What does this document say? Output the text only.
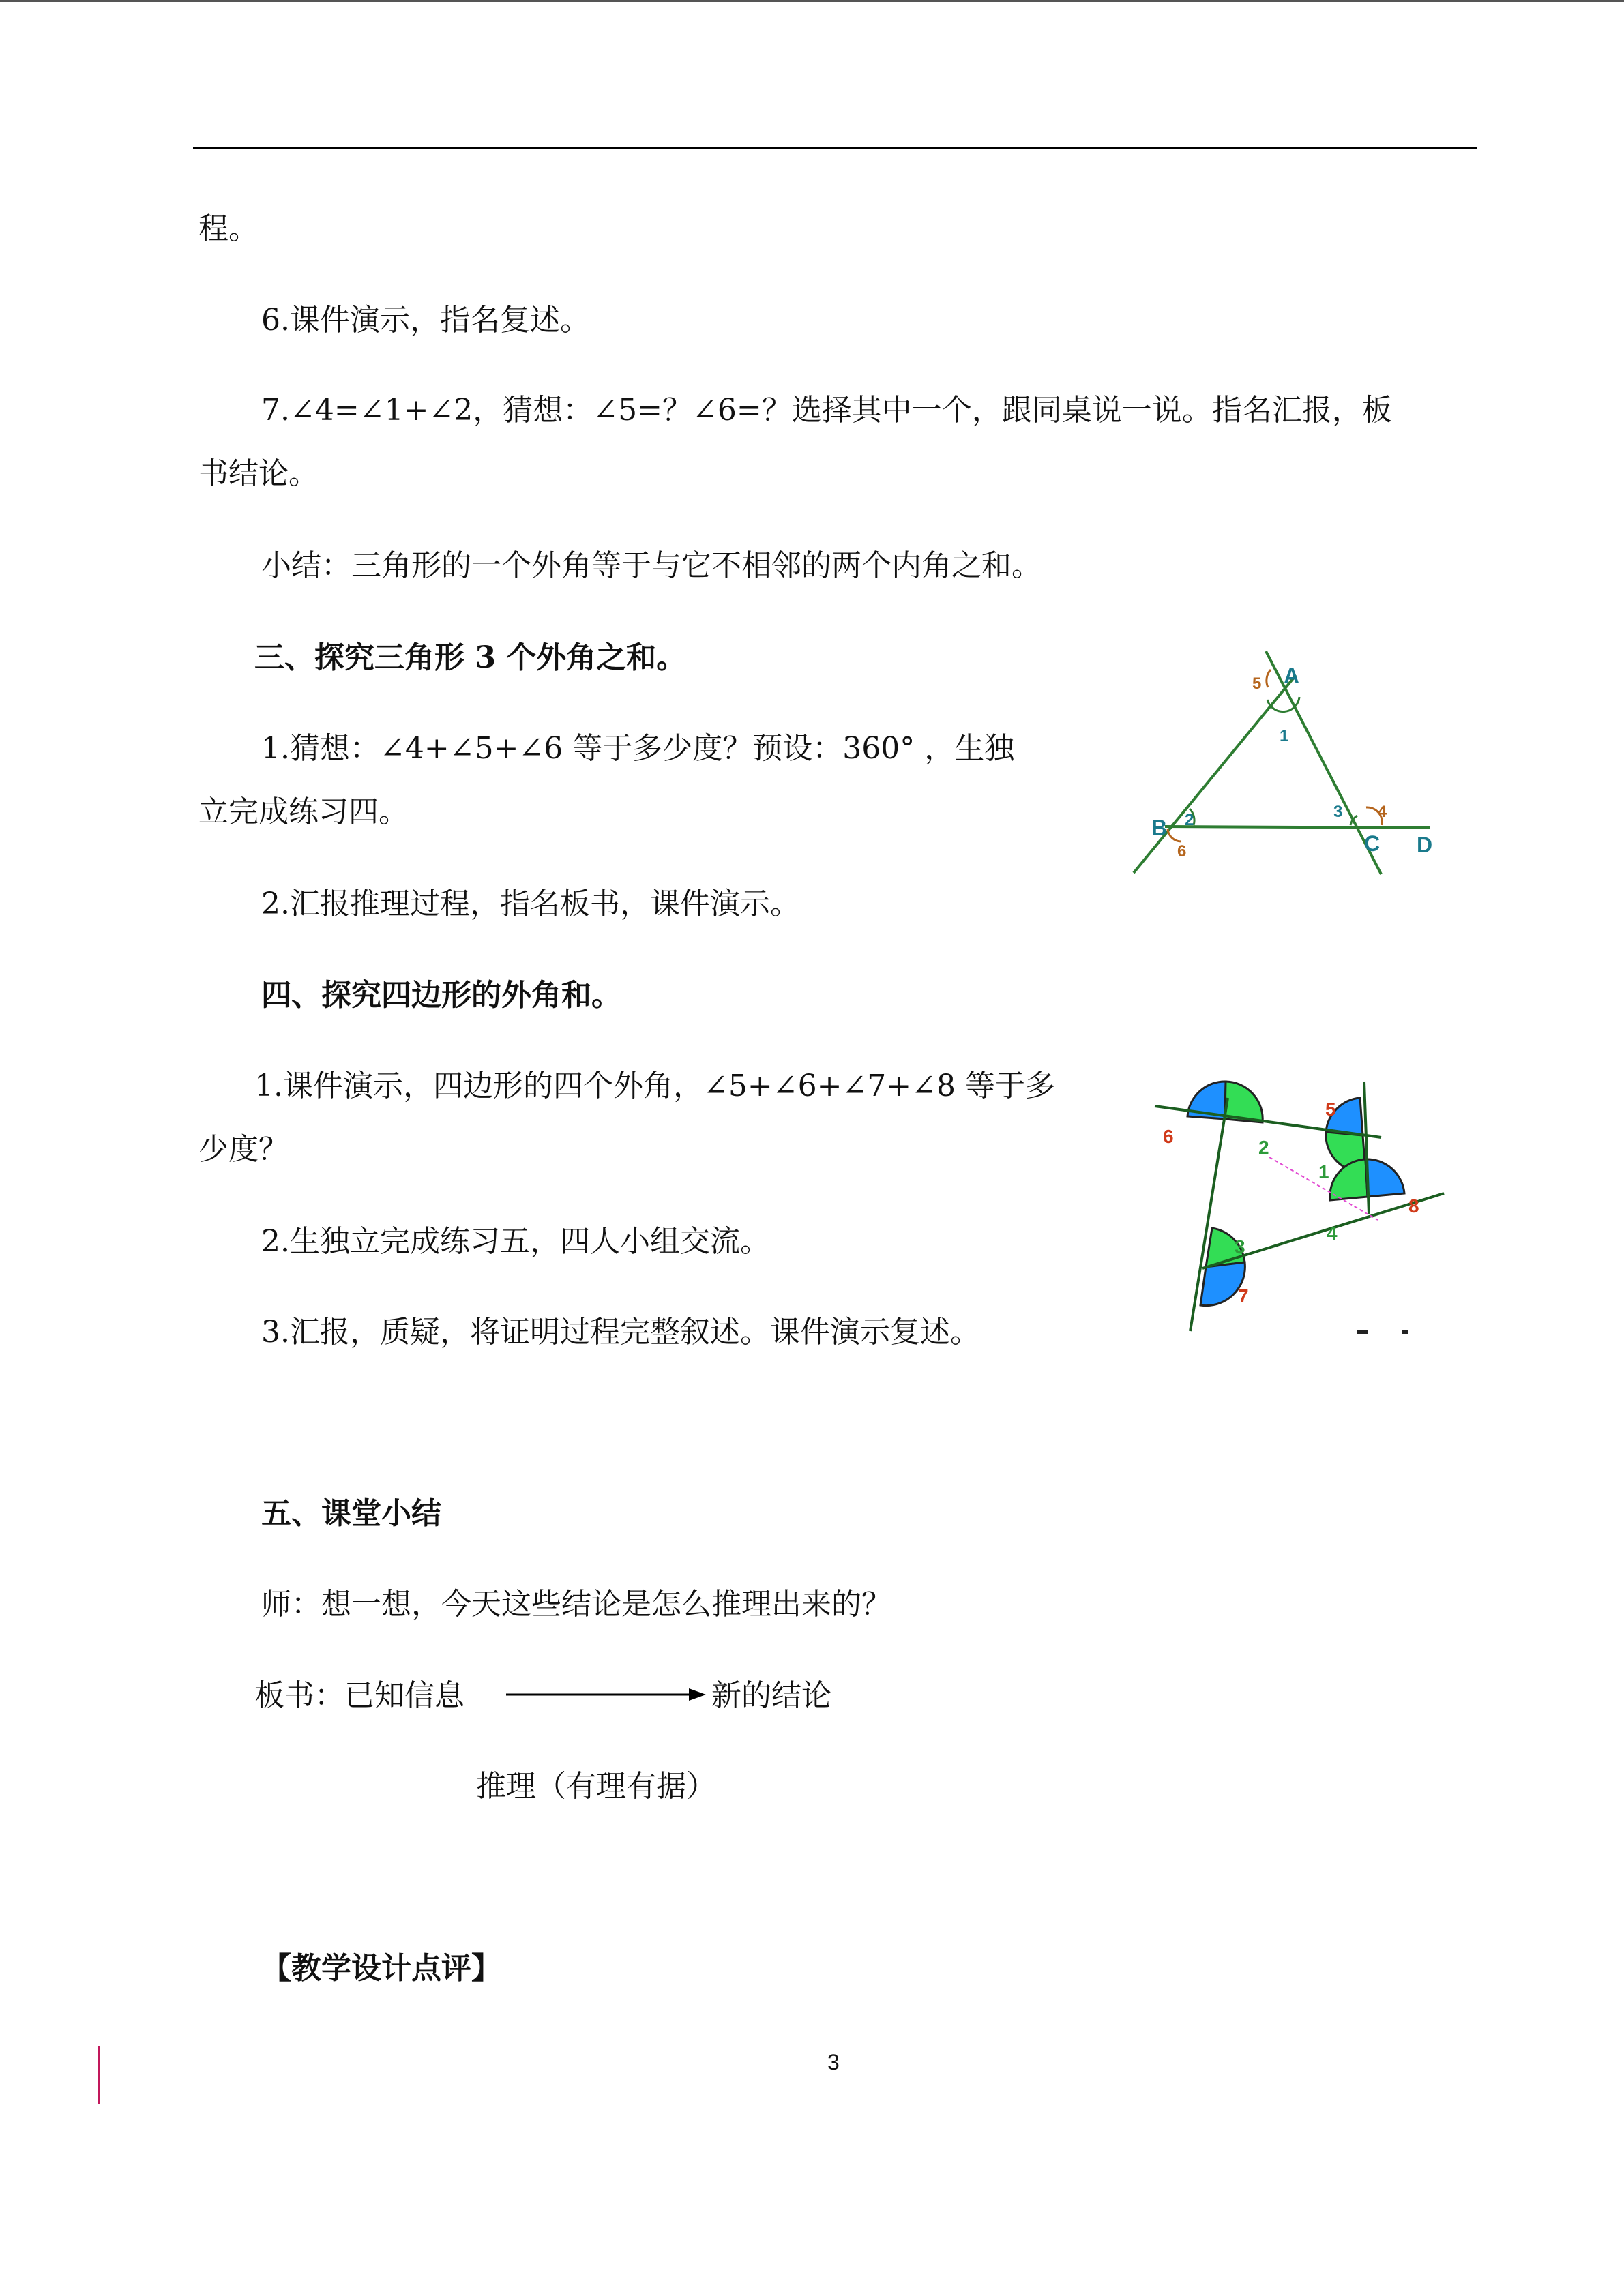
程。
6.课件演示，指名复述。
7.∠4=∠1+∠2，猜想：∠5=？∠6=？选择其中一个，跟同桌说一说。指名汇报，板
书结论。
小结：三角形的一个外角等于与它不相邻的两个内角之和。
三、探究三角形 3 个外角之和。
1.猜想：∠4+∠5+∠6 等于多少度？预设：360° ，生独
立完成练习四。
2.汇报推理过程，指名板书，课件演示。
四、探究四边形的外角和。
1.课件演示，四边形的四个外角，∠5+∠6+∠7+∠8 等于多
少度？
2.生独立完成练习五，四人小组交流。
3.汇报，质疑，将证明过程完整叙述。课件演示复述。
五、课堂小结
师：想一想，今天这些结论是怎么推理出来的？
板书：已知信息	新的结论
推理（有理有据）
【教学设计点评】
3
A
B
C D
1
2	3 4
5
6
6
2
5
1
4
8
3
7
